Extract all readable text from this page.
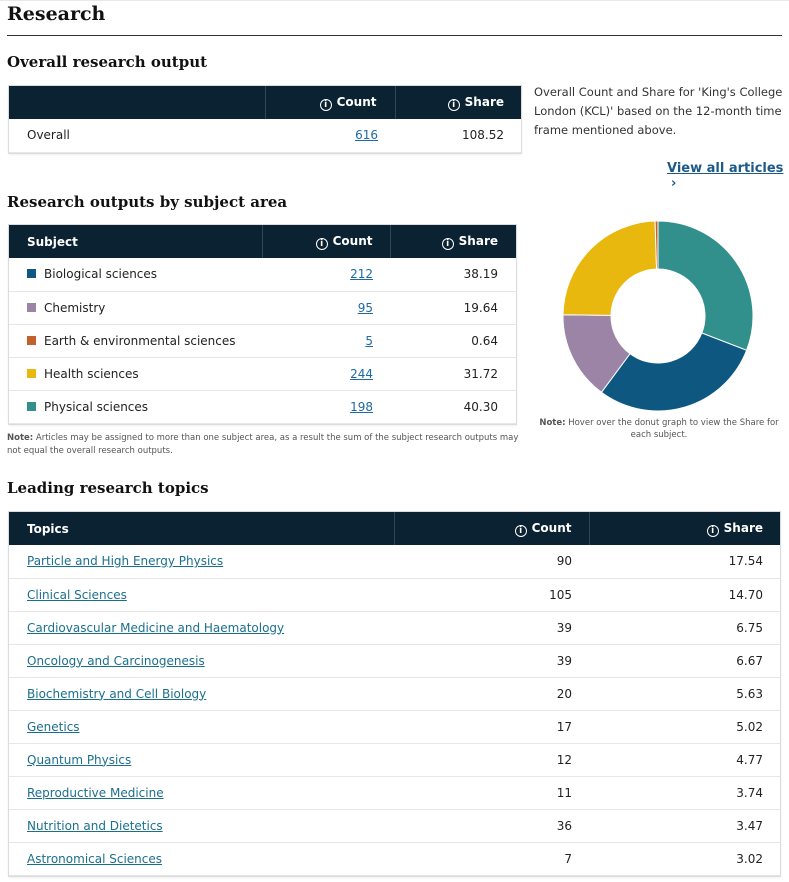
Research
Overall research output
	i Count	i Share
Overall	616	108.52
Overall Count and Share for 'King's College London (KCL)' based on the 12-month time frame mentioned above.
View all articles›
Research outputs by subject area
Subject	i Count	i Share
Biological sciences	212	38.19
Chemistry	95	19.64
Earth & environmental sciences	5	0.64
Health sciences	244	31.72
Physical sciences	198	40.30
Note: Articles may be assigned to more than one subject area, as a result the sum of the subject research outputs may not equal the overall research outputs.
Note: Hover over the donut graph to view the Share for each subject.
Leading research topics
Topics	i Count	i Share
Particle and High Energy Physics	90	17.54
Clinical Sciences	105	14.70
Cardiovascular Medicine and Haematology	39	6.75
Oncology and Carcinogenesis	39	6.67
Biochemistry and Cell Biology	20	5.63
Genetics	17	5.02
Quantum Physics	12	4.77
Reproductive Medicine	11	3.74
Nutrition and Dietetics	36	3.47
Astronomical Sciences	7	3.02
